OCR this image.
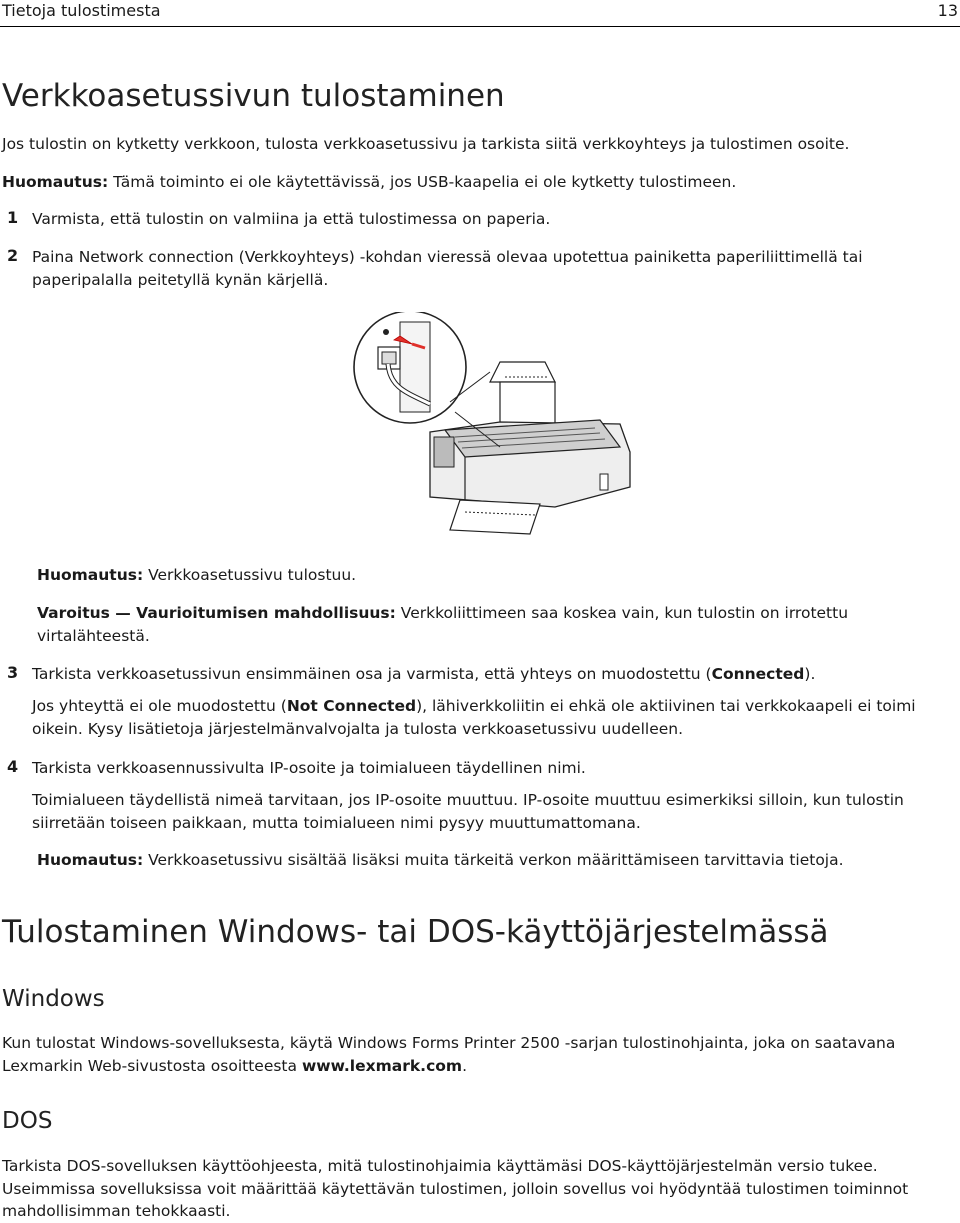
Tietoja tulostimesta	13
Verkkoasetussivun tulostaminen
Jos tulostin on kytketty verkkoon, tulosta verkkoasetussivu ja tarkista siitä verkkoyhteys ja tulostimen osoite.
Huomautus: Tämä toiminto ei ole käytettävissä, jos USB-kaapelia ei ole kytketty tulostimeen.
1 Varmista, että tulostin on valmiina ja että tulostimessa on paperia.
2 Paina Network connection (Verkkoyhteys) -kohdan vieressä olevaa upotettua painiketta paperiliittimellä tai
paperipalalla peitetyllä kynän kärjellä.
Huomautus: Verkkoasetussivu tulostuu.
Varoitus — Vaurioitumisen mahdollisuus: Verkkoliittimeen saa koskea vain, kun tulostin on irrotettu
virtalähteestä.
3 Tarkista verkkoasetussivun ensimmäinen osa ja varmista, että yhteys on muodostettu (Connected).
Jos yhteyttä ei ole muodostettu (Not Connected), lähiverkkoliitin ei ehkä ole aktiivinen tai verkkokaapeli ei toimi
oikein. Kysy lisätietoja järjestelmänvalvojalta ja tulosta verkkoasetussivu uudelleen.
4 Tarkista verkkoasennussivulta IP-osoite ja toimialueen täydellinen nimi.
Toimialueen täydellistä nimeä tarvitaan, jos IP-osoite muuttuu. IP-osoite muuttuu esimerkiksi silloin, kun tulostin
siirretään toiseen paikkaan, mutta toimialueen nimi pysyy muuttumattomana.
Huomautus: Verkkoasetussivu sisältää lisäksi muita tärkeitä verkon määrittämiseen tarvittavia tietoja.
Tulostaminen Windows- tai DOS-käyttöjärjestelmässä
Windows
Kun tulostat Windows-sovelluksesta, käytä Windows Forms Printer 2500 -sarjan tulostinohjainta, joka on saatavana
Lexmarkin Web-sivustosta osoitteesta www.lexmark.com.
DOS
Tarkista DOS-sovelluksen käyttöohjeesta, mitä tulostinohjaimia käyttämäsi DOS-käyttöjärjestelmän versio tukee.
Useimmissa sovelluksissa voit määrittää käytettävän tulostimen, jolloin sovellus voi hyödyntää tulostimen toiminnot
mahdollisimman tehokkaasti.
